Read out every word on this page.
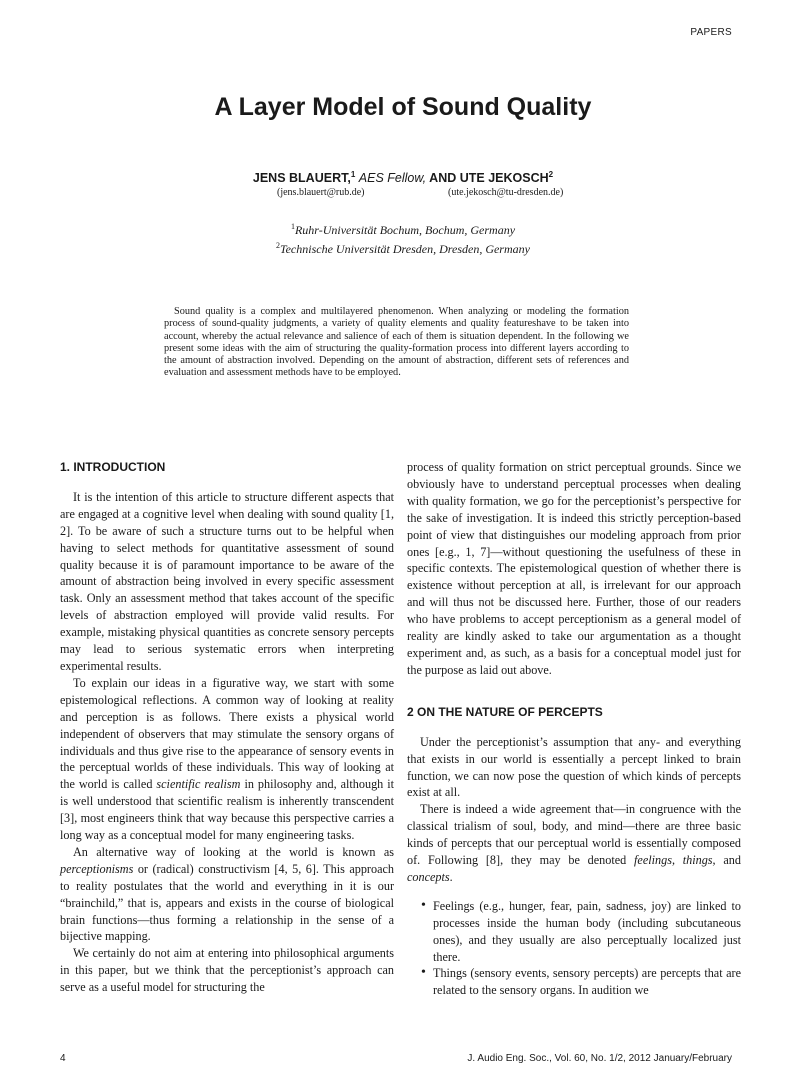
PAPERS
A Layer Model of Sound Quality
JENS BLAUERT,$^1$ AES Fellow, AND UTE JEKOSCH$^2$
(jens.blauert@rub.de)	(ute.jekosch@tu-dresden.de)
$^1$Ruhr-Universität Bochum, Bochum, Germany
$^2$Technische Universität Dresden, Dresden, Germany

Sound quality is a complex and multilayered phenomenon. When analyzing or modeling the formation process of sound-quality judgments, a variety of quality elements and quality featureshave to be taken into account, whereby the actual relevance and salience of each of them is situation dependent. In the following we present some ideas with the aim of structuring the quality-formation process into different layers according to the amount of abstraction involved. Depending on the amount of abstraction, different sets of references and evaluation and assessment methods have to be employed.

1. INTRODUCTION

It is the intention of this article to structure different aspects that are engaged at a cognitive level when dealing with sound quality [1, 2]. To be aware of such a structure turns out to be helpful when having to select methods for quantitative assessment of sound quality because it is of paramount importance to be aware of the amount of abstraction being involved in every specific assessment task. Only an assessment method that takes account of the specific levels of abstraction employed will provide valid results. For example, mistaking physical quantities as concrete sensory percepts may lead to serious systematic errors when interpreting experimental results.

To explain our ideas in a figurative way, we start with some epistemological reflections. A common way of looking at reality and perception is as follows. There exists a physical world independent of observers that may stimulate the sensory organs of individuals and thus give rise to the appearance of sensory events in the perceptual worlds of these individuals. This way of looking at the world is called scientific realism in philosophy and, although it is well understood that scientific realism is inherently transcendent [3], most engineers think that way because this perspective carries a long way as a conceptual model for many engineering tasks.

An alternative way of looking at the world is known as perceptionisms or (radical) constructivism [4, 5, 6]. This approach to reality postulates that the world and everything in it is our “brainchild,” that is, appears and exists in the course of biological brain functions—thus forming a relationship in the sense of a bijective mapping.

We certainly do not aim at entering into philosophical arguments in this paper, but we think that the perceptionist’s approach can serve as a useful model for structuring the

process of quality formation on strict perceptual grounds. Since we obviously have to understand perceptual processes when dealing with quality formation, we go for the perceptionist’s perspective for the sake of investigation. It is indeed this strictly perception-based point of view that distinguishes our modeling approach from prior ones [e.g., 1, 7]—without questioning the usefulness of these in specific contexts. The epistemological question of whether there is existence without perception at all, is irrelevant for our approach and will thus not be discussed here. Further, those of our readers who have problems to accept perceptionism as a general model of reality are kindly asked to take our argumentation as a thought experiment and, as such, as a basis for a conceptual model just for the purpose as laid out above.

2 ON THE NATURE OF PERCEPTS

Under the perceptionist’s assumption that any- and everything that exists in our world is essentially a percept linked to brain function, we can now pose the question of which kinds of percepts exist at all.

There is indeed a wide agreement that—in congruence with the classical trialism of soul, body, and mind—there are three basic kinds of percepts that our perceptual world is essentially composed of. Following [8], they may be denoted feelings, things, and concepts.

• Feelings (e.g., hunger, fear, pain, sadness, joy) are linked to processes inside the human body (including subcutaneous ones), and they usually are also perceptually localized just there.

• Things (sensory events, sensory percepts) are percepts that are related to the sensory organs. In audition we

4	J. Audio Eng. Soc., Vol. 60, No. 1/2, 2012 January/February
